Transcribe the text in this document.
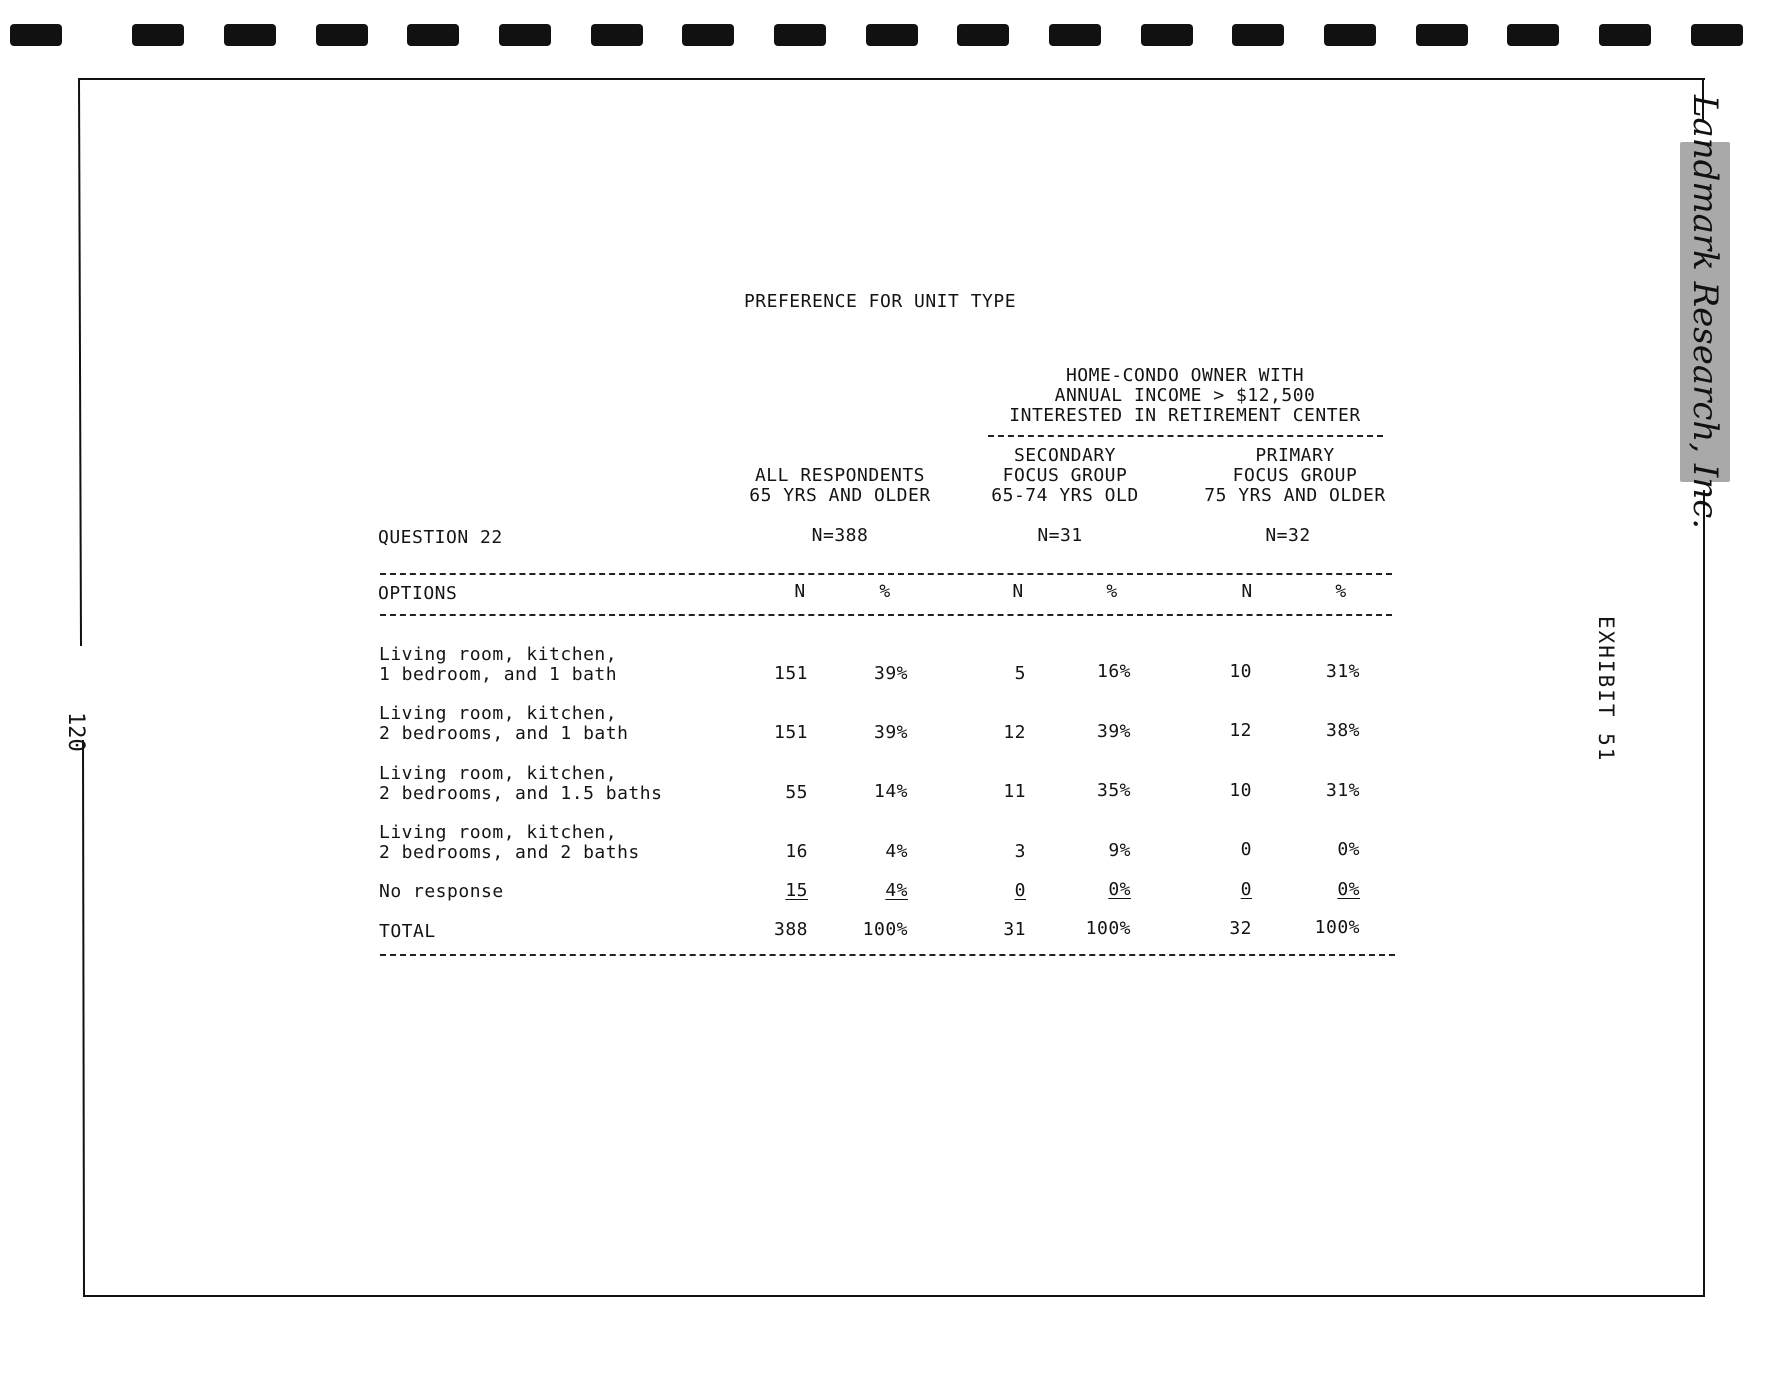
Landmark Research, Inc.
EXHIBIT 51
120
PREFERENCE FOR UNIT TYPE
HOME-CONDO OWNER WITH
ANNUAL INCOME > $12,500
INTERESTED IN RETIREMENT CENTER
ALL RESPONDENTS
65 YRS AND OLDER
SECONDARY
FOCUS GROUP
65-74 YRS OLD
PRIMARY
FOCUS GROUP
75 YRS AND OLDER
QUESTION 22	N=388	N=31	N=32
OPTIONS	N	%	N	%	N	%
Living room, kitchen,
1 bedroom, and 1 bath	151	39%	5	16%	10	31%
Living room, kitchen,
2 bedrooms, and 1 bath	151	39%	12	39%	12	38%
Living room, kitchen,
2 bedrooms, and 1.5 baths	55	14%	11	35%	10	31%
Living room, kitchen,
2 bedrooms, and 2 baths	16	4%	3	9%	0	0%
No response	15	4%	0	0%	0	0%
TOTAL	388	100%	31	100%	32	100%
